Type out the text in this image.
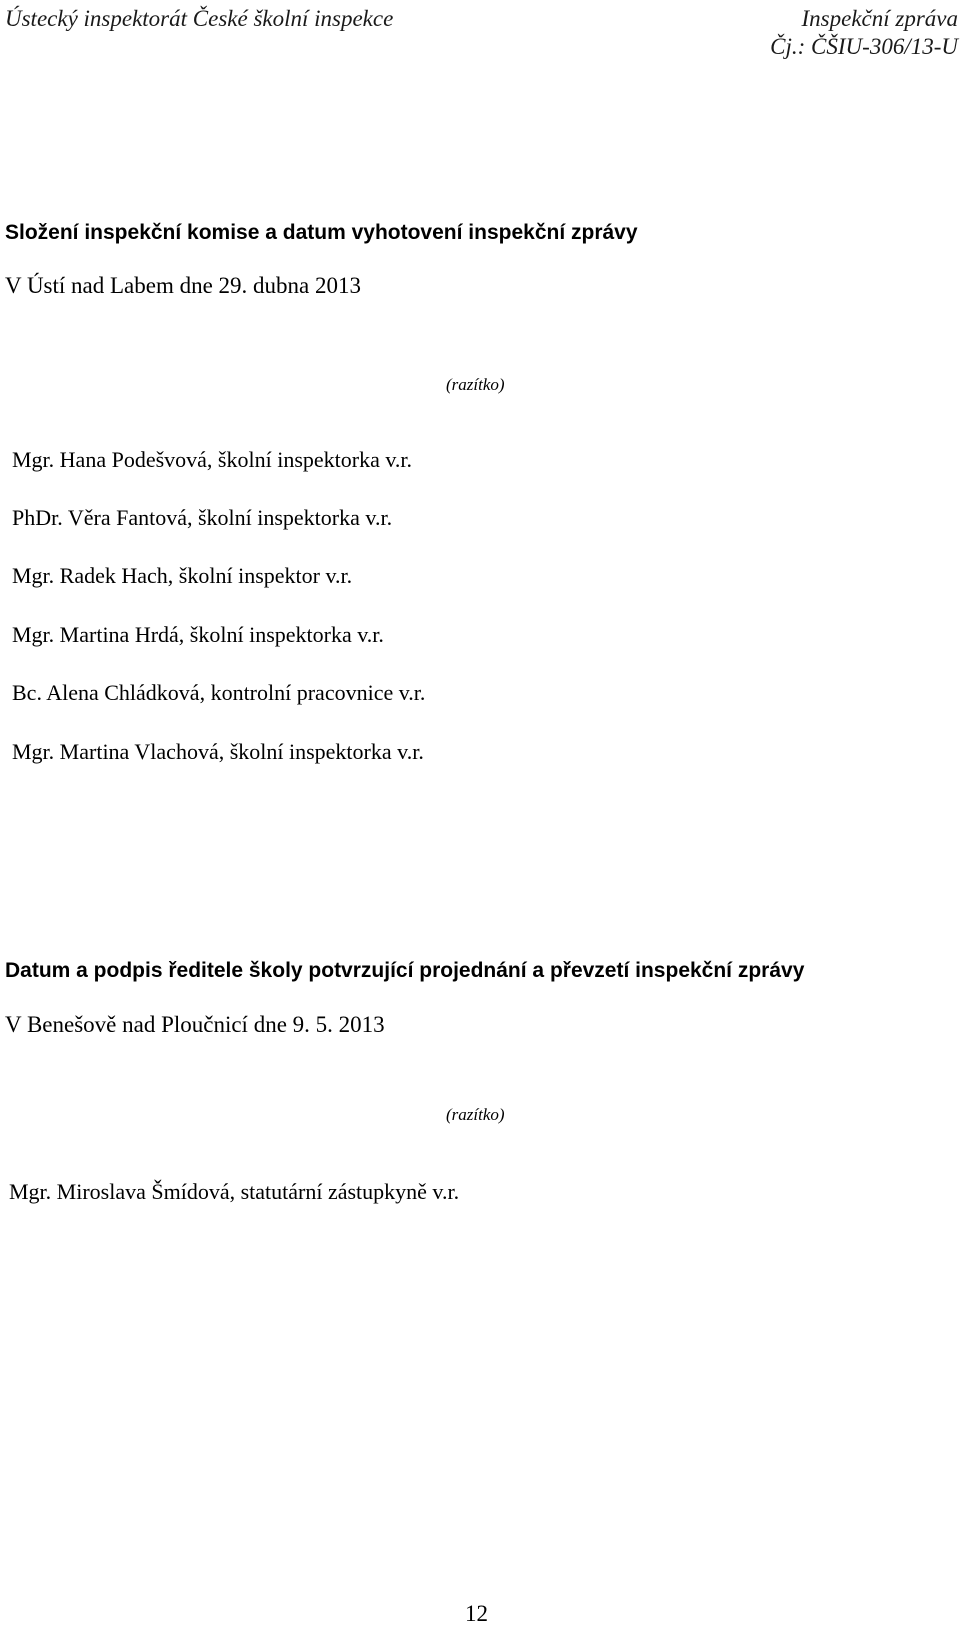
Ústecký inspektorát České školní inspekce	Inspekční zpráva
Čj.: ČŠIU-306/13-U
Složení inspekční komise a datum vyhotovení inspekční zprávy
V Ústí nad Labem dne 29. dubna 2013
(razítko)
Mgr. Hana Podešvová, školní inspektorka v.r.
PhDr. Věra Fantová, školní inspektorka v.r.
Mgr. Radek Hach, školní inspektor v.r.
Mgr. Martina Hrdá, školní inspektorka v.r.
Bc. Alena Chládková, kontrolní pracovnice v.r.
Mgr. Martina Vlachová, školní inspektorka v.r.
Datum a podpis ředitele školy potvrzující projednání a převzetí inspekční zprávy
V Benešově nad Ploučnicí dne 9. 5. 2013
(razítko)
Mgr. Miroslava Šmídová, statutární zástupkyně v.r.
12
